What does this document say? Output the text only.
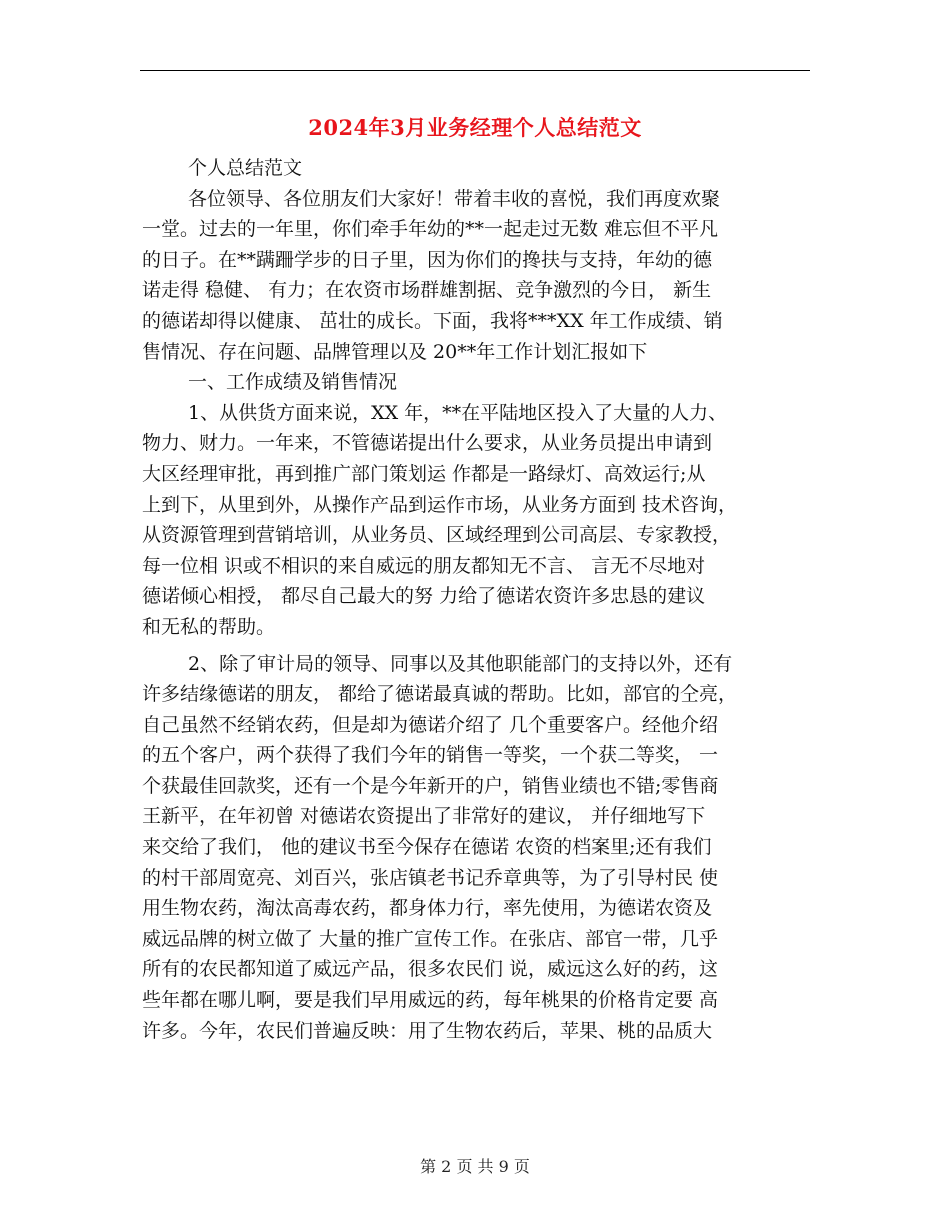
2024年3月业务经理个人总结范文

个人总结范文

各位领导、各位朋友们大家好！带着丰收的喜悦，我们再度欢聚

一堂。过去的一年里，你们牵手年幼的**一起走过无数 难忘但不平凡

的日子。在**蹒跚学步的日子里，因为你们的搀扶与支持，年幼的德

诺走得 稳健、 有力；在农资市场群雄割据、竞争激烈的今日， 新生

的德诺却得以健康、 茁壮的成长。下面，我将***XX 年工作成绩、销

售情况、存在问题、品牌管理以及 20**年工作计划汇报如下

一、工作成绩及销售情况

1、从供货方面来说，XX 年，**在平陆地区投入了大量的人力、

物力、财力。一年来，不管德诺提出什么要求，从业务员提出申请到

大区经理审批，再到推广部门策划运 作都是一路绿灯、高效运行;从

上到下，从里到外，从操作产品到运作市场，从业务方面到 技术咨询，

从资源管理到营销培训，从业务员、区域经理到公司高层、专家教授，

每一位相 识或不相识的来自威远的朋友都知无不言、 言无不尽地对

德诺倾心相授， 都尽自己最大的努 力给了德诺农资许多忠恳的建议

和无私的帮助。

2、除了审计局的领导、同事以及其他职能部门的支持以外，还有

许多结缘德诺的朋友， 都给了德诺最真诚的帮助。比如，部官的仝亮，

自己虽然不经销农药，但是却为德诺介绍了 几个重要客户。经他介绍

的五个客户，两个获得了我们今年的销售一等奖，一个获二等奖， 一

个获最佳回款奖，还有一个是今年新开的户，销售业绩也不错;零售商

王新平，在年初曾 对德诺农资提出了非常好的建议， 并仔细地写下

来交给了我们， 他的建议书至今保存在德诺 农资的档案里;还有我们

的村干部周宽亮、刘百兴，张店镇老书记乔章典等，为了引导村民 使

用生物农药，淘汰高毒农药，都身体力行，率先使用，为德诺农资及

威远品牌的树立做了 大量的推广宣传工作。在张店、部官一带，几乎

所有的农民都知道了威远产品，很多农民们 说，威远这么好的药，这

些年都在哪儿啊，要是我们早用威远的药，每年桃果的价格肯定要 高

许多。今年，农民们普遍反映：用了生物农药后，苹果、桃的品质大

第 2 页 共 9 页
